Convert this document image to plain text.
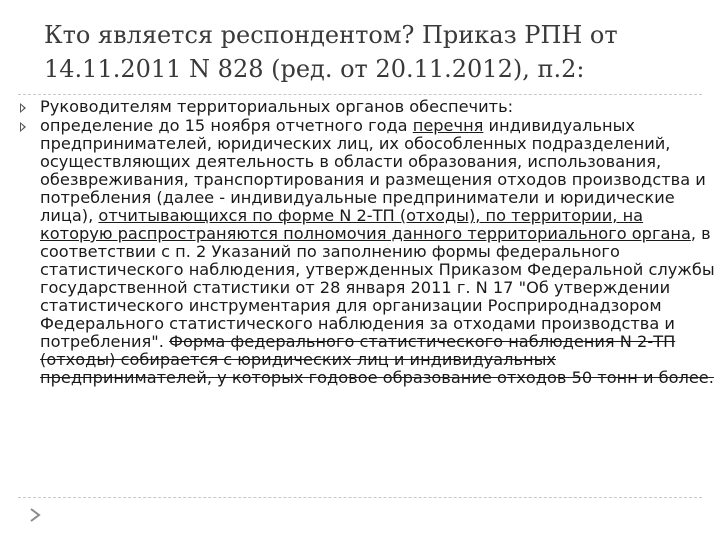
Кто является респондентом? Приказ РПН от 14.11.2011 N 828 (ред. от 20.11.2012), п.2:
Руководителям территориальных органов обеспечить:
определение до 15 ноября отчетного года перечня индивидуальных предпринимателей, юридических лиц, их обособленных подразделений, осуществляющих деятельность в области образования, использования, обезвреживания, транспортирования и размещения отходов производства и потребления (далее - индивидуальные предприниматели и юридические лица), отчитывающихся по форме N 2-ТП (отходы), по территории, на которую распространяются полномочия данного территориального органа, в соответствии с п. 2 Указаний по заполнению формы федерального статистического наблюдения, утвержденных Приказом Федеральной службы государственной статистики от 28 января 2011 г. N 17 "Об утверждении статистического инструментария для организации Росприроднадзором Федерального статистического наблюдения за отходами производства и потребления". Форма федерального статистического наблюдения N 2-ТП (отходы) собирается с юридических лиц и индивидуальных предпринимателей, у которых годовое образование отходов 50 тонн и более.
